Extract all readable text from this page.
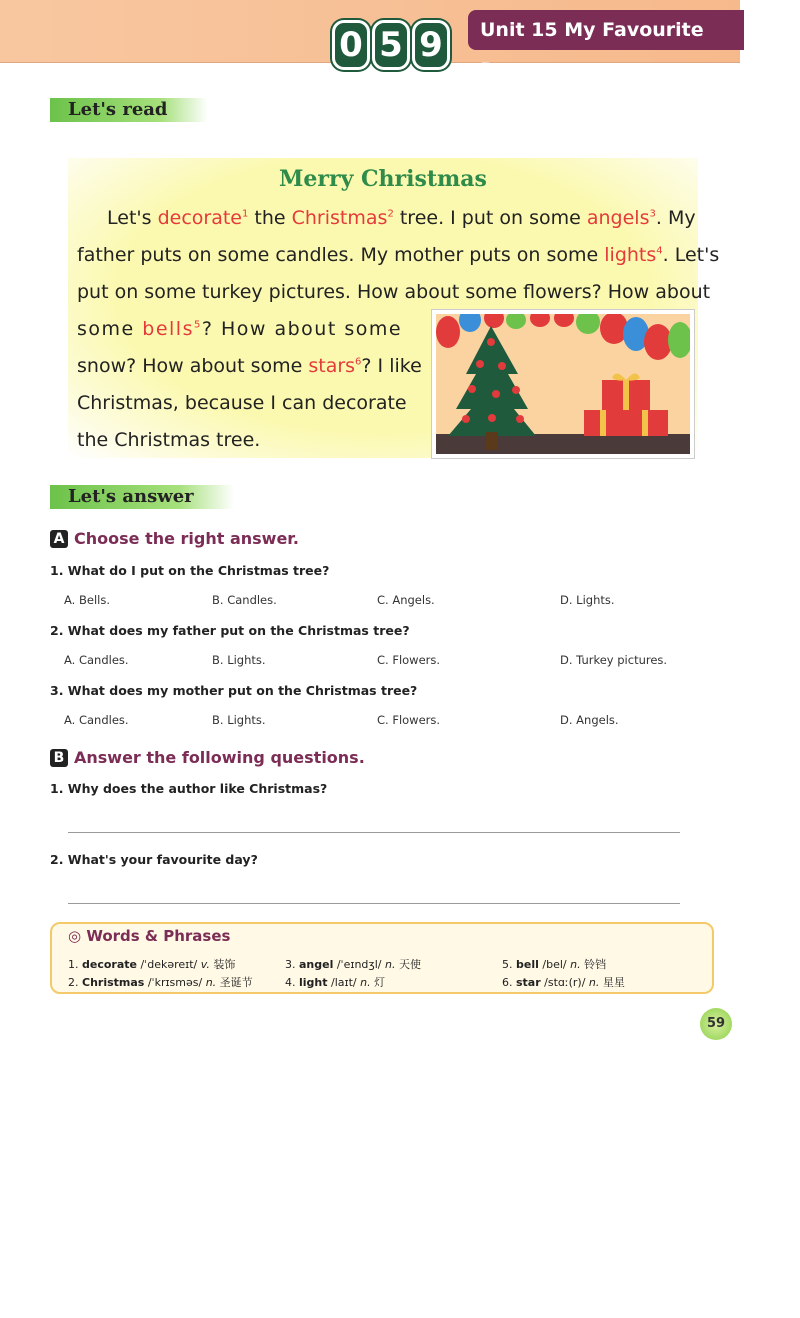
0 5 9	Unit 15 My Favourite Day
Let's read
Merry Christmas
Let's decorate$^1$ the Christmas$^2$ tree. I put on some angels$^3$. My
father puts on some candles. My mother puts on some lights$^4$. Let's
put on some turkey pictures. How about some flowers? How about
some bells$^5$? How about some
snow? How about some stars$^6$? I like
Christmas, because I can decorate
the Christmas tree.
Let's answer
A Choose the right answer.
1. What do I put on the Christmas tree?
A. Bells.	B. Candles.	C. Angels.	D. Lights.
2. What does my father put on the Christmas tree?
A. Candles.	B. Lights.	C. Flowers.	D. Turkey pictures.
3. What does my mother put on the Christmas tree?
A. Candles.	B. Lights.	C. Flowers.	D. Angels.
B Answer the following questions.
1. Why does the author like Christmas?
2. What's your favourite day?
◎ Words & Phrases
1. decorate /ˈdekəreɪt/ v. 装饰
2. Christmas /ˈkrɪsməs/ n. 圣诞节
3. angel /ˈeɪndʒl/ n. 天使
4. light /laɪt/ n. 灯
5. bell /bel/ n. 铃铛
6. star /stɑː(r)/ n. 星星
59
